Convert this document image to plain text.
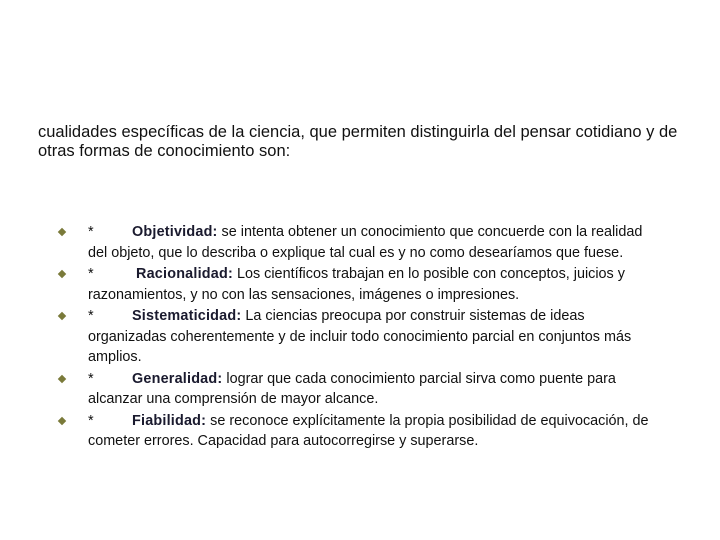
cualidades específicas de la ciencia, que permiten distinguirla del pensar cotidiano y de otras formas de conocimiento son:

*	Objetividad: se intenta obtener un conocimiento que concuerde con la realidad del objeto, que lo describa o explique tal cual es y no como desearíamos que fuese.
*	Racionalidad: Los científicos trabajan en lo posible con conceptos, juicios y razonamientos, y no con las sensaciones, imágenes o impresiones.
*	Sistematicidad: La ciencias preocupa por construir sistemas de ideas organizadas coherentemente y de incluir todo conocimiento parcial en conjuntos más amplios.
*	Generalidad: lograr que cada conocimiento parcial sirva como puente para alcanzar una comprensión de mayor alcance.
*	Fiabilidad: se reconoce explícitamente la propia posibilidad de equivocación, de cometer errores. Capacidad para autocorregirse y superarse.
